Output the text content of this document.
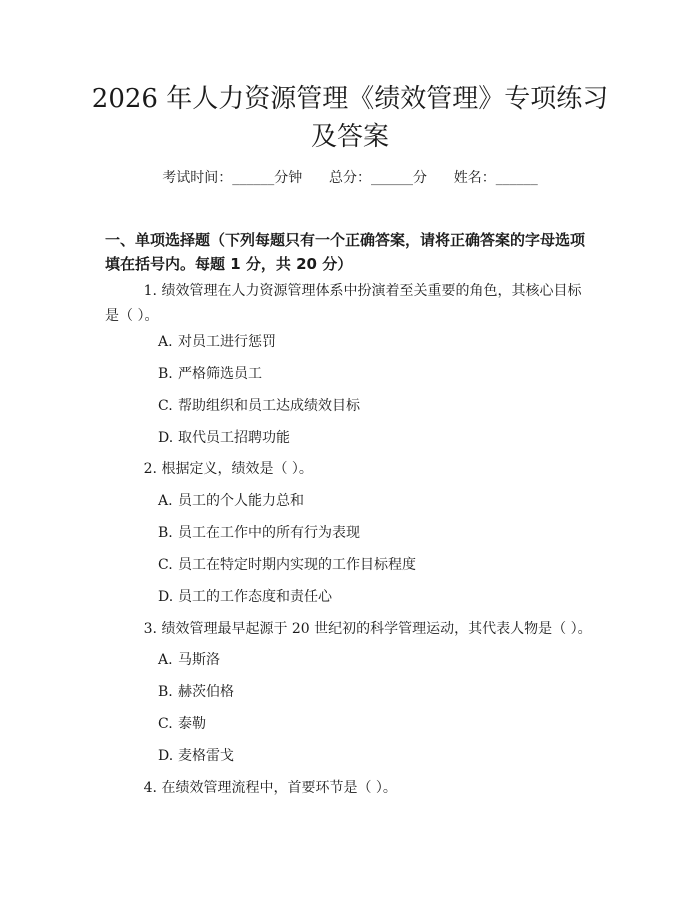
2026 年人力资源管理《绩效管理》专项练习
及答案
考试时间：______分钟      总分：______分      姓名：______
一、单项选择题（下列每题只有一个正确答案，请将正确答案的字母选项填在括号内。每题 1 分，共 20 分）
1. 绩效管理在人力资源管理体系中扮演着至关重要的角色，其核心目标是（ ）。
A. 对员工进行惩罚
B. 严格筛选员工
C. 帮助组织和员工达成绩效目标
D. 取代员工招聘功能
2. 根据定义，绩效是（ ）。
A. 员工的个人能力总和
B. 员工在工作中的所有行为表现
C. 员工在特定时期内实现的工作目标程度
D. 员工的工作态度和责任心
3. 绩效管理最早起源于 20 世纪初的科学管理运动，其代表人物是（ ）。
A. 马斯洛
B. 赫茨伯格
C. 泰勒
D. 麦格雷戈
4. 在绩效管理流程中，首要环节是（ ）。
